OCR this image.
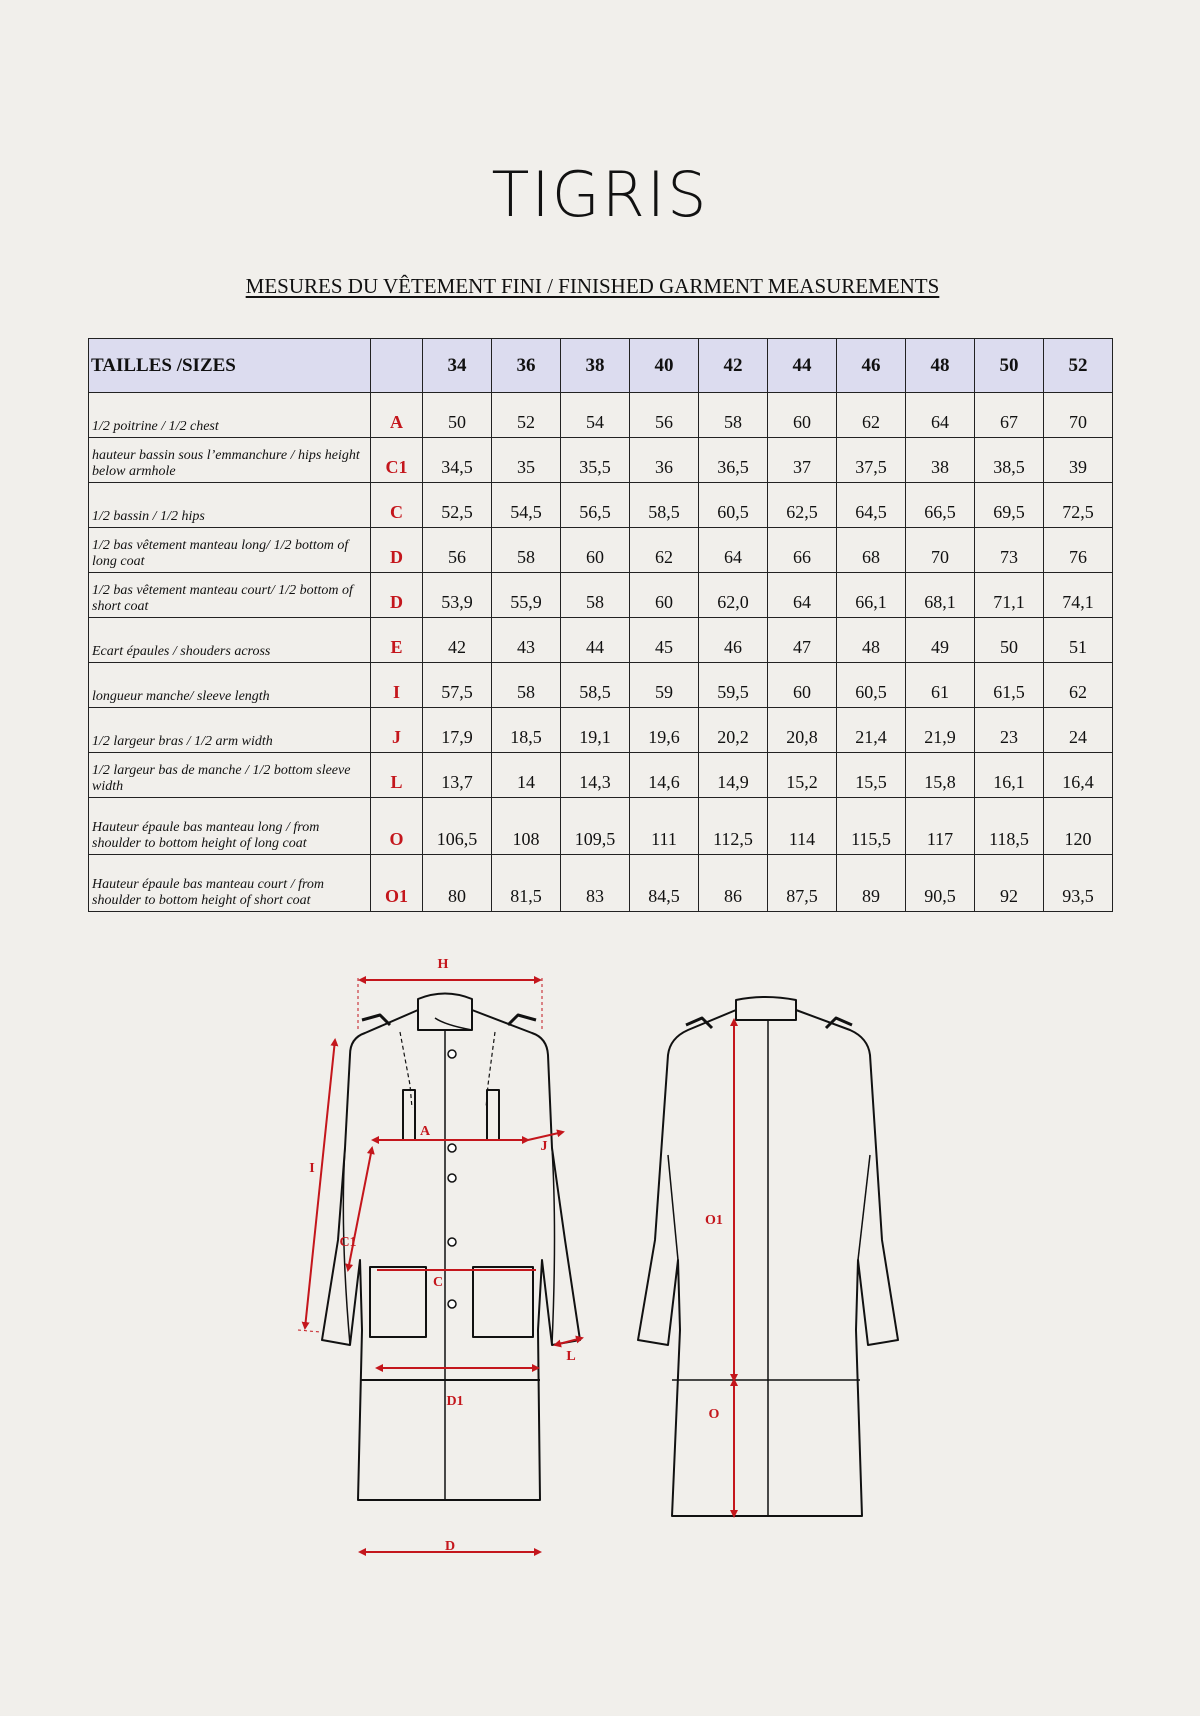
TIGRIS
MESURES DU VÊTEMENT FINI / FINISHED GARMENT MEASUREMENTS
TAILLES /SIZES		34	36	38	40	42	44	46	48	50	52
1/2 poitrine / 1/2 chest	A	50	52	54	56	58	60	62	64	67	70
hauteur bassin sous l’emmanchure / hips height below armhole	C1	34,5	35	35,5	36	36,5	37	37,5	38	38,5	39
1/2 bassin / 1/2 hips	C	52,5	54,5	56,5	58,5	60,5	62,5	64,5	66,5	69,5	72,5
1/2 bas vêtement manteau long/ 1/2 bottom of long coat	D	56	58	60	62	64	66	68	70	73	76
1/2 bas vêtement manteau court/ 1/2 bottom of short coat	D	53,9	55,9	58	60	62,0	64	66,1	68,1	71,1	74,1
Ecart épaules / shouders across	E	42	43	44	45	46	47	48	49	50	51
longueur manche/ sleeve length	I	57,5	58	58,5	59	59,5	60	60,5	61	61,5	62
1/2 largeur bras / 1/2 arm width	J	17,9	18,5	19,1	19,6	20,2	20,8	21,4	21,9	23	24
1/2 largeur bas de manche / 1/2 bottom sleeve width	L	13,7	14	14,3	14,6	14,9	15,2	15,5	15,8	16,1	16,4
Hauteur épaule bas manteau long / from shoulder to bottom height of long coat	O	106,5	108	109,5	111	112,5	114	115,5	117	118,5	120
Hauteur épaule bas manteau court / from shoulder to bottom height of short coat	O1	80	81,5	83	84,5	86	87,5	89	90,5	92	93,5
H
A
J
I
C1
C
L
D1
D
O1
O
